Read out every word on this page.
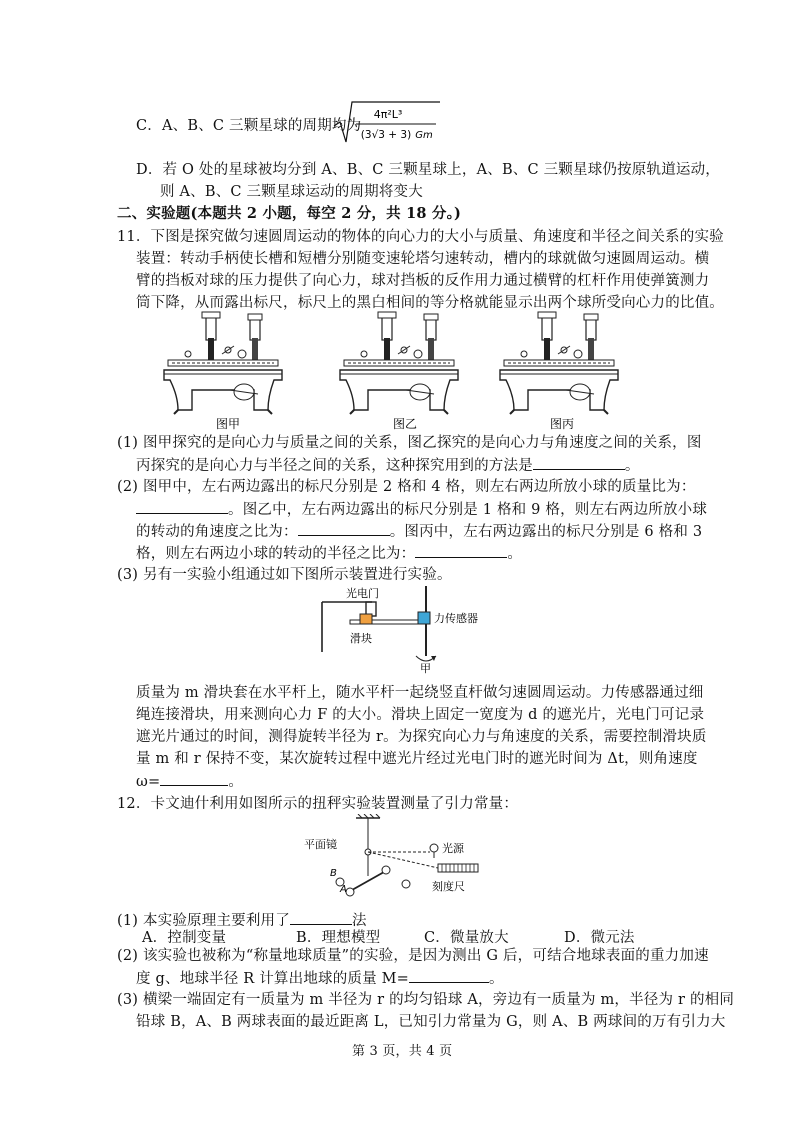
C．A、B、C 三颗星球的周期均为
4π²L³
(3√3 + 3) Gm
D．若 O 处的星球被均分到 A、B、C 三颗星球上，A、B、C 三颗星球仍按原轨道运动，
则 A、B、C 三颗星球运动的周期将变大
二、实验题(本题共 2 小题，每空 2 分，共 18 分。)
11．下图是探究做匀速圆周运动的物体的向心力的大小与质量、角速度和半径之间关系的实验
装置：转动手柄使长槽和短槽分别随变速轮塔匀速转动，槽内的球就做匀速圆周运动。横
臂的挡板对球的压力提供了向心力，球对挡板的反作用力通过横臂的杠杆作用使弹簧测力
筒下降，从而露出标尺，标尺上的黑白相间的等分格就能显示出两个球所受向心力的比值。
图甲	图乙	图丙
(1) 图甲探究的是向心力与质量之间的关系，图乙探究的是向心力与角速度之间的关系，图
丙探究的是向心力与半径之间的关系，这种探究用到的方法是	。
(2) 图甲中，左右两边露出的标尺分别是 2 格和 4 格，则左右两边所放小球的质量比为：
。图乙中，左右两边露出的标尺分别是 1 格和 9 格，则左右两边所放小球
的转动的角速度之比为：	。图丙中，左右两边露出的标尺分别是 6 格和 3
格，则左右两边小球的转动的半径之比为：	。
(3) 另有一实验小组通过如下图所示装置进行实验。
光电门
滑块
力传感器
甲
质量为 m 滑块套在水平杆上，随水平杆一起绕竖直杆做匀速圆周运动。力传感器通过细
绳连接滑块，用来测向心力 F 的大小。滑块上固定一宽度为 d 的遮光片，光电门可记录
遮光片通过的时间，测得旋转半径为 r。为探究向心力与角速度的关系，需要控制滑块质
量 m 和 r 保持不变，某次旋转过程中遮光片经过光电门时的遮光时间为 Δt，则角速度
ω=	。
12．卡文迪什利用如图所示的扭秤实验装置测量了引力常量：
平面镜	光源
刻度尺
B
A
(1) 本实验原理主要利用了	法
A．控制变量	B．理想模型	C．微量放大	D．微元法
(2) 该实验也被称为“称量地球质量”的实验，是因为测出 G 后，可结合地球表面的重力加速
度 g、地球半径 R 计算出地球的质量 M=	。
(3) 横梁一端固定有一质量为 m 半径为 r 的均匀铅球 A，旁边有一质量为 m，半径为 r 的相同
铅球 B，A、B 两球表面的最近距离 L，已知引力常量为 G，则 A、B 两球间的万有引力大
第 3 页，共 4 页
